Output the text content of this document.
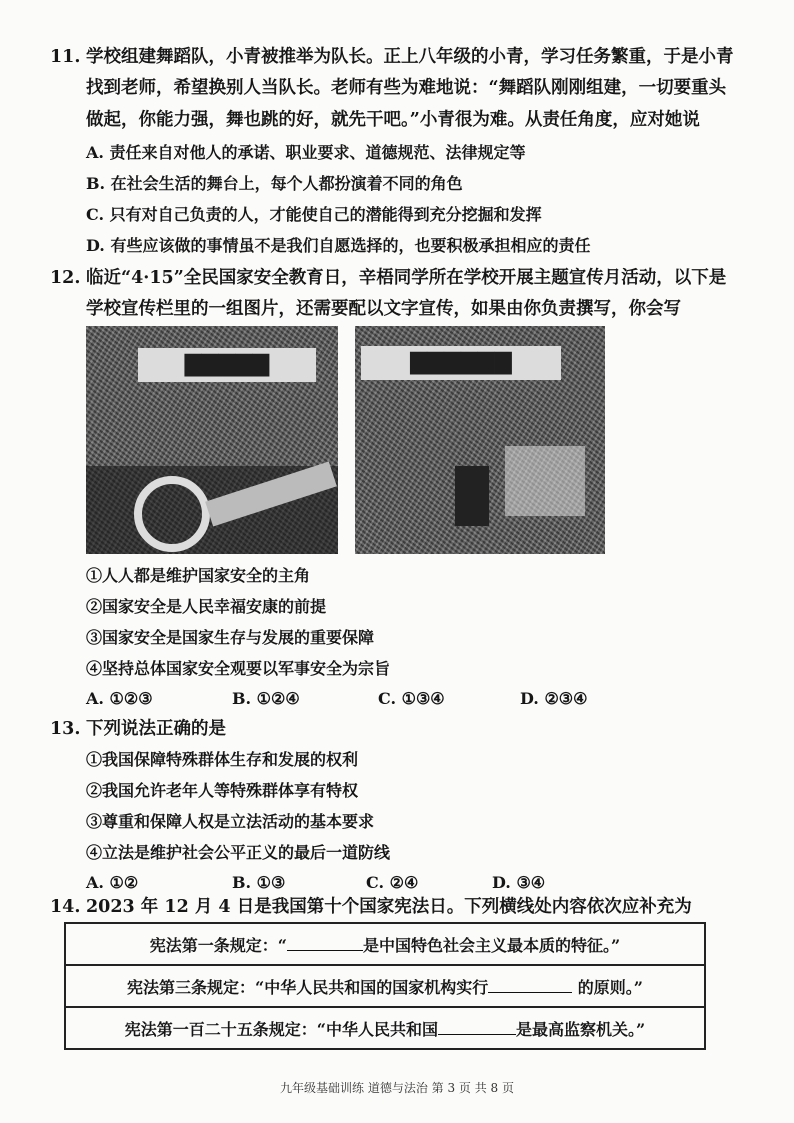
11. 学校组建舞蹈队，小青被推举为队长。正上八年级的小青，学习任务繁重，于是小青
找到老师，希望换别人当队长。老师有些为难地说：“舞蹈队刚刚组建，一切要重头
做起，你能力强，舞也跳的好，就先干吧。”小青很为难。从责任角度，应对她说
A. 责任来自对他人的承诺、职业要求、道德规范、法律规定等
B. 在社会生活的舞台上，每个人都扮演着不同的角色
C. 只有对自己负责的人，才能使自己的潜能得到充分挖掘和发挥
D. 有些应该做的事情虽不是我们自愿选择的，也要积极承担相应的责任
12. 临近“4·15”全民国家安全教育日，辛梧同学所在学校开展主题宣传月活动，以下是
学校宣传栏里的一组图片，还需要配以文字宣传，如果由你负责撰写，你会写
▇▇▇▇▇	▇▇▇▇▇▇
①人人都是维护国家安全的主角
②国家安全是人民幸福安康的前提
③国家安全是国家生存与发展的重要保障
④坚持总体国家安全观要以军事安全为宗旨
A. ①②③	B. ①②④	C. ①③④	D. ②③④
13. 下列说法正确的是
①我国保障特殊群体生存和发展的权利
②我国允许老年人等特殊群体享有特权
③尊重和保障人权是立法活动的基本要求
④立法是维护社会公平正义的最后一道防线
A. ①②	B. ①③	C. ②④	D. ③④
14. 2023 年 12 月 4 日是我国第十个国家宪法日。下列横线处内容依次应补充为
宪法第一条规定：“	是中国特色社会主义最本质的特征。”
宪法第三条规定：“中华人民共和国的国家机构实行	的原则。”
宪法第一百二十五条规定：“中华人民共和国	是最高监察机关。”
九年级基础训练 道德与法治 第 3 页 共 8 页
